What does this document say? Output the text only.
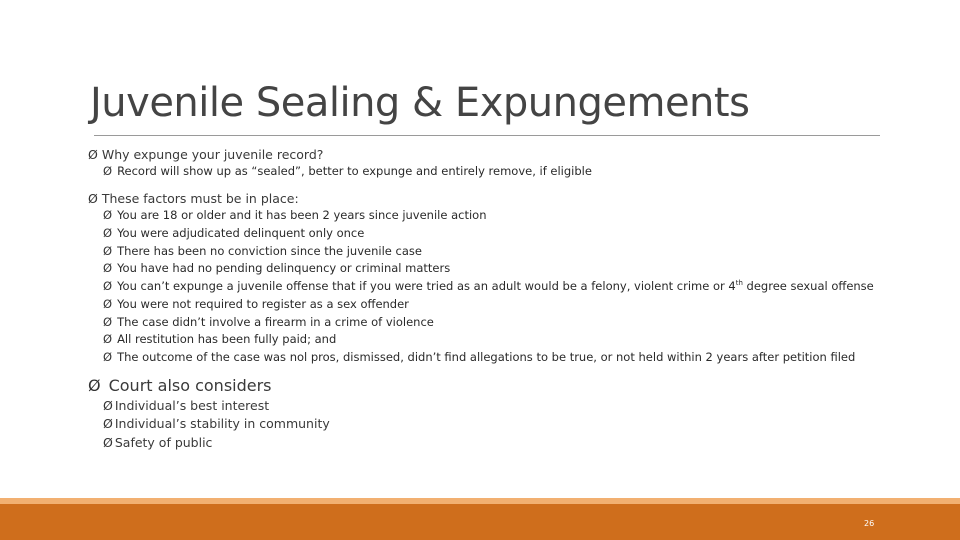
Juvenile Sealing & Expungements
Ø Why expunge your juvenile record?
Ø Record will show up as “sealed”, better to expunge and entirely remove, if eligible
Ø These factors must be in place:
Ø You are 18 or older and it has been 2 years since juvenile action
Ø You were adjudicated delinquent only once
Ø There has been no conviction since the juvenile case
Ø You have had no pending delinquency or criminal matters
Ø You can’t expunge a juvenile offense that if you were tried as an adult would be a felony, violent crime or 4th degree sexual offense
Ø You were not required to register as a sex offender
Ø The case didn’t involve a firearm in a crime of violence
Ø All restitution has been fully paid; and
Ø The outcome of the case was nol pros, dismissed, didn’t find allegations to be true, or not held within 2 years after petition filed
Ø Court also considers
Ø Individual’s best interest
Ø Individual’s stability in community
Ø Safety of public
26
